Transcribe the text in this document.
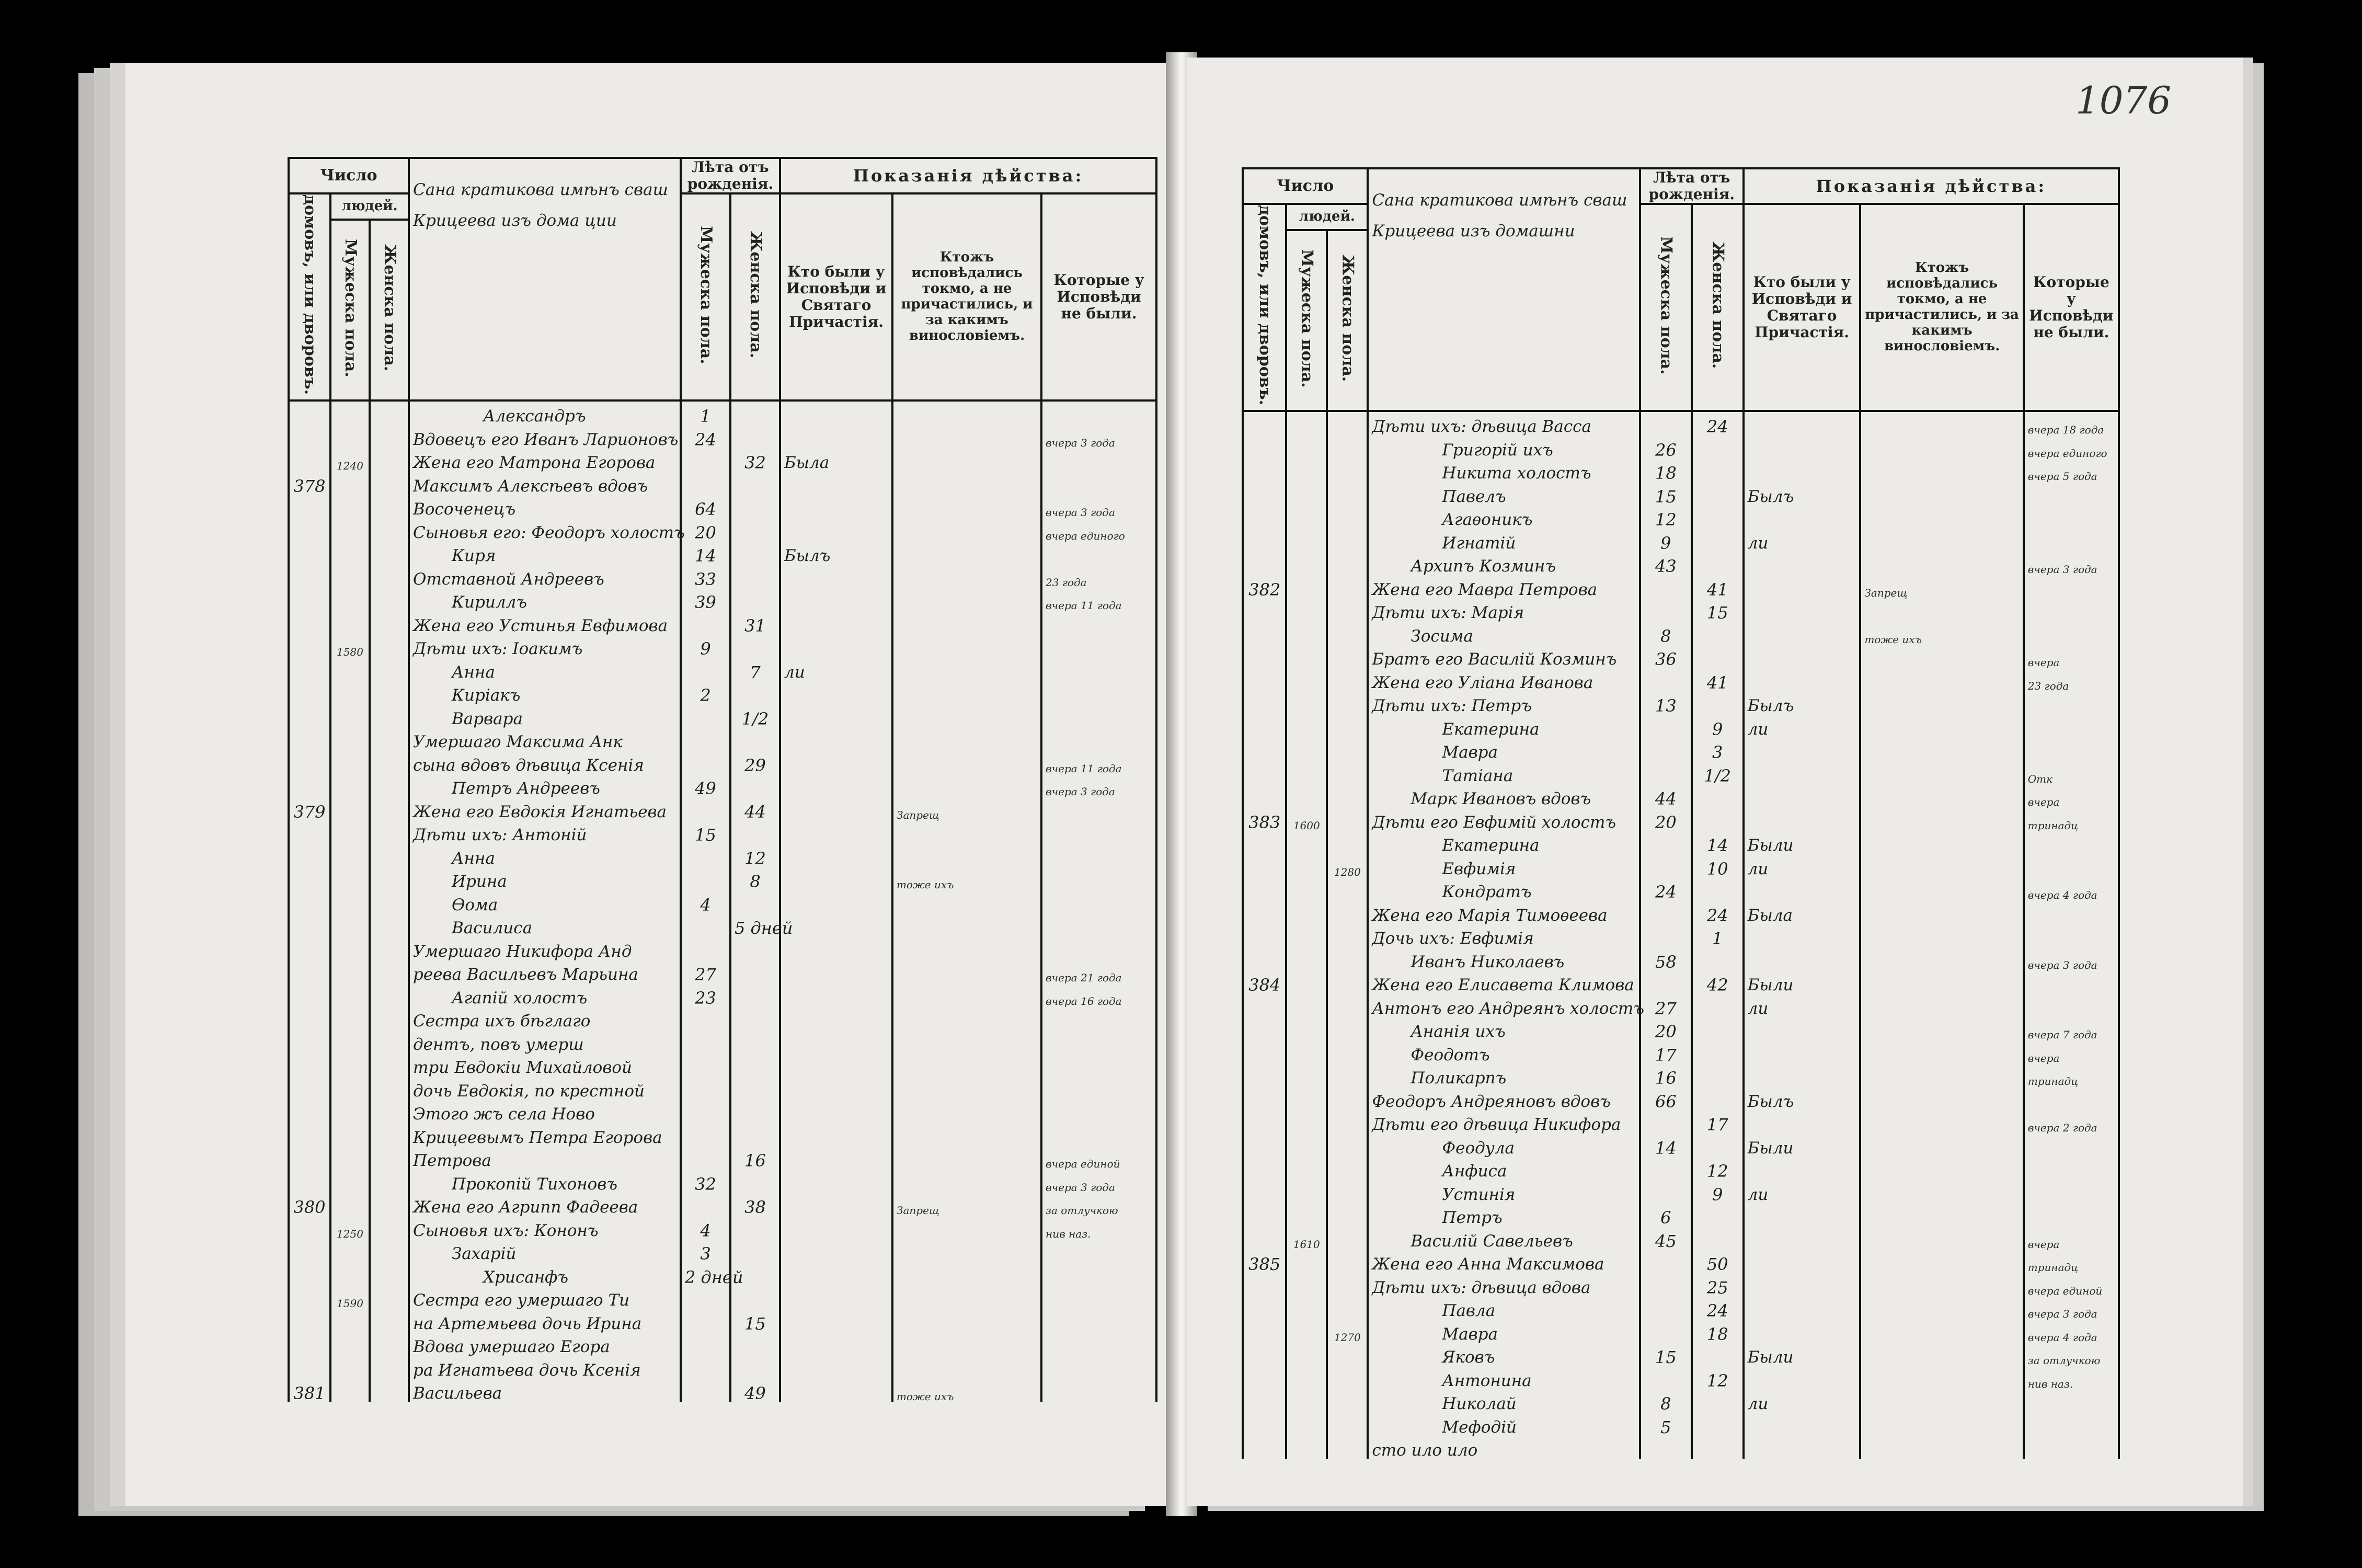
1076
Число			Сана кратикова имѣнъ сваш Крицеева изъ дома ции	Лѣта отъ рожденія.		Показанія дѣйства:		
домовъ, или дворовъ.	людей.			Мужеска пола.	Женска пола.	Кто были у Исповѣди и Святаго Причастія.	Ктожъ исповѣдались токмо, а не причастились, и за какимъ винословіемъ.	Которые у Исповѣди не были.
	Мужеска пола.	Женска пола.						
			Александръ	1				
			Вдовецъ его Иванъ Ларионовъ	24				вчера 3 года
	1240		Жена его Матрона Егорова		32	Была		
378			Максимъ Алексѣевъ вдовъ					
			Восоченецъ	64				вчера 3 года
			Сыновья его: Феодоръ холостъ	20				вчера единого
			Киря	14		Былъ		
			Отставной Андреевъ	33				23 года
			Кириллъ	39				вчера 11 года
			Жена его Устинья Евфимова		31			
	1580		Дѣти ихъ: Іоакимъ	9				
			Анна		7	ли		
			Киріакъ	2				
			Варвара		1/2			
			Умершаго Максима Анк					
			сына вдовъ дѣвица Ксенія		29			вчера 11 года
			Петръ Андреевъ	49				вчера 3 года
379			Жена его Евдокія Игнатьева		44		Запрещ	
			Дѣти ихъ: Антоній	15				
			Анна		12			
			Ирина		8		тоже ихъ	
			Ѳома	4				
			Василиса		5 дней			
			Умершаго Никифора Анд					
			реева Васильевъ Марьина	27				вчера 21 года
			Агапій холостъ	23				вчера 16 года
			Сестра ихъ бѣглаго					
			дентъ, повъ умерш					
			три Евдокіи Михайловой					
			дочь Евдокія, по крестной					
			Этого жъ села Ново					
			Крицеевымъ Петра Егорова					
			Петрова		16			вчера единой
			Прокопій Тихоновъ	32				вчера 3 года
380			Жена его Агрипп Фадеева		38		Запрещ	за отлучкою
	1250		Сыновья ихъ: Кононъ	4				нив наз.
			Захарій	3				
			Хрисанфъ	2 дней				
	1590		Сестра его умершаго Ти					
			на Артемьева дочь Ирина		15			
			Вдова умершаго Егора					
			ра Игнатьева дочь Ксенія					
381			Васильева		49		тоже ихъ	
Число			Сана кратикова имѣнъ сваш Крицеева изъ домашни	Лѣта отъ рожденія.		Показанія дѣйства:		
домовъ, или дворовъ.	людей.			Мужеска пола.	Женска пола.	Кто были у Исповѣди и Святаго Причастія.	Ктожъ исповѣдались токмо, а не причастились, и за какимъ винословіемъ.	Которые у Исповѣди не были.
	Мужеска пола.	Женска пола.						
			Дѣти ихъ: дѣвица Васса		24			вчера 18 года
			Григорій ихъ	26				вчера единого
			Никита холостъ	18				вчера 5 года
			Павелъ	15		Былъ		
			Агаѳоникъ	12				
			Игнатій	9		ли		
			Архипъ Козминъ	43				вчера 3 года
382			Жена его Мавра Петрова		41		Запрещ	
			Дѣти ихъ: Марія		15			
			Зосима	8			тоже ихъ	
			Братъ его Василій Козминъ	36				вчера
			Жена его Уліана Иванова		41			23 года
			Дѣти ихъ: Петръ	13		Былъ		
			Екатерина		9	ли		
			Мавра		3			
			Татіана		1/2			Отк
			Марк Ивановъ вдовъ	44				вчера
383	1600		Дѣти его Евфимій холостъ	20				тринадц
			Екатерина		14	Были		
		1280	Евфимія		10	ли		
			Кондратъ	24				вчера 4 года
			Жена его Марія Тимоѳеева		24	Была		
			Дочь ихъ: Евфимія		1			
			Иванъ Николаевъ	58				вчера 3 года
384			Жена его Елисавета Климова		42	Были		
			Антонъ его Андреянъ холостъ	27		ли		
			Ананія ихъ	20				вчера 7 года
			Феодотъ	17				вчера
			Поликарпъ	16				тринадц
			Феодоръ Андреяновъ вдовъ	66		Былъ		
			Дѣти его дѣвица Никифора		17			вчера 2 года
			Феодула	14		Были		
			Анфиса		12			
			Устинія		9	ли		
			Петръ	6				
	1610		Василій Савельевъ	45				вчера
385			Жена его Анна Максимова		50			тринадц
			Дѣти ихъ: дѣвица вдова		25			вчера единой
			Павла		24			вчера 3 года
		1270	Мавра		18			вчера 4 года
			Яковъ	15		Были		за отлучкою
			Антонина		12			нив наз.
			Николай	8		ли		
			Мефодій	5				
			сто ило ило					
